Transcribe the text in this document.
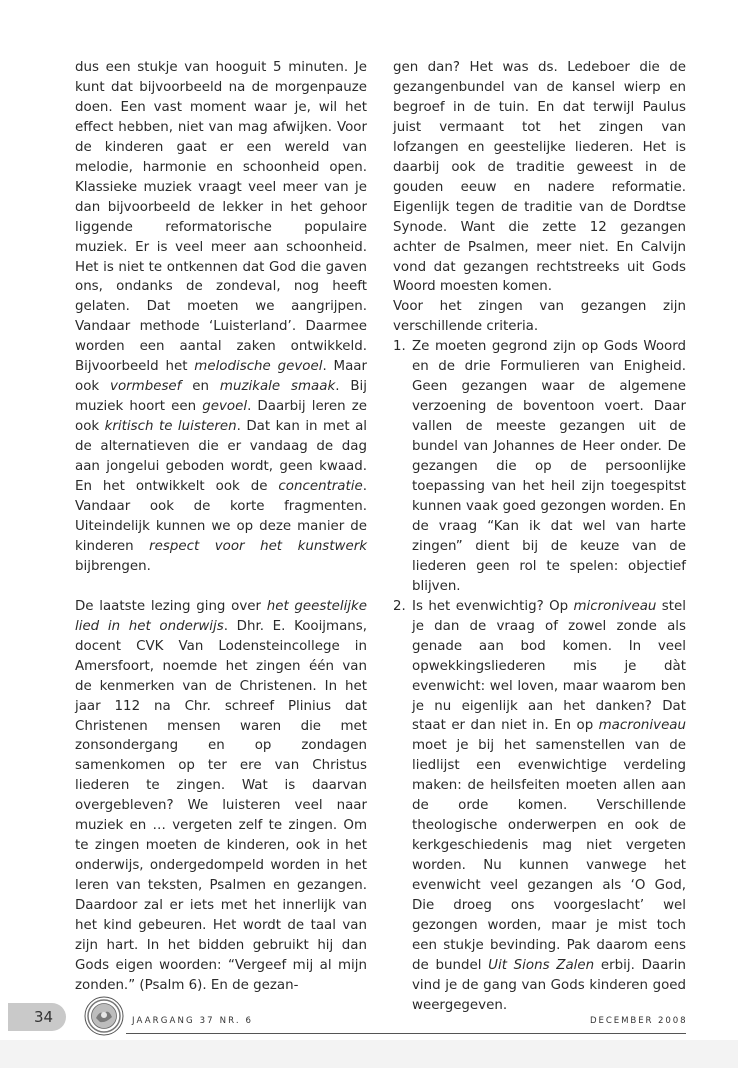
dus een stukje van hooguit 5 minuten. Je kunt dat bijvoorbeeld na de morgenpauze doen. Een vast moment waar je, wil het effect hebben, niet van mag afwijken. Voor de kinderen gaat er een wereld van melodie, harmonie en schoonheid open. Klassieke muziek vraagt veel meer van je dan bijvoorbeeld de lekker in het gehoor liggende reformatorische populaire muziek. Er is veel meer aan schoonheid. Het is niet te ontkennen dat God die gaven ons, ondanks de zondeval, nog heeft gelaten. Dat moeten we aangrijpen. Vandaar methode ‘Luisterland’. Daarmee worden een aantal zaken ontwikkeld. Bijvoorbeeld het melodische gevoel. Maar ook vormbesef en muzikale smaak. Bij muziek hoort een gevoel. Daarbij leren ze ook kritisch te luisteren. Dat kan in met al de alternatieven die er vandaag de dag aan jongelui geboden wordt, geen kwaad. En het ontwikkelt ook de concentratie. Vandaar ook de korte fragmenten. Uiteindelijk kunnen we op deze manier de kinderen respect voor het kunstwerk bijbrengen.

De laatste lezing ging over het geestelijke lied in het onderwijs. Dhr. E. Kooijmans, docent CVK Van Lodensteincollege in Amersfoort, noemde het zingen één van de kenmerken van de Christenen. In het jaar 112 na Chr. schreef Plinius dat Christenen mensen waren die met zonsondergang en op zondagen samenkomen op ter ere van Christus liederen te zingen. Wat is daarvan overgebleven? We luisteren veel naar muziek en … vergeten zelf te zingen. Om te zingen moeten de kinderen, ook in het onderwijs, ondergedompeld worden in het leren van teksten, Psalmen en gezangen. Daardoor zal er iets met het innerlijk van het kind gebeuren. Het wordt de taal van zijn hart. In het bidden gebruikt hij dan Gods eigen woorden: “Vergeef mij al mijn zonden.” (Psalm 6). En de gezan-

gen dan? Het was ds. Ledeboer die de gezangenbundel van de kansel wierp en begroef in de tuin. En dat terwijl Paulus juist vermaant tot het zingen van lofzangen en geestelijke liederen. Het is daarbij ook de traditie geweest in de gouden eeuw en nadere reformatie. Eigenlijk tegen de traditie van de Dordtse Synode. Want die zette 12 gezangen achter de Psalmen, meer niet. En Calvijn vond dat gezangen rechtstreeks uit Gods Woord moesten komen.

Voor het zingen van gezangen zijn verschillende criteria.

1. Ze moeten gegrond zijn op Gods Woord en de drie Formulieren van Enigheid. Geen gezangen waar de algemene verzoening de boventoon voert. Daar vallen de meeste gezangen uit de bundel van Johannes de Heer onder. De gezangen die op de persoonlijke toepassing van het heil zijn toegespitst kunnen vaak goed gezongen worden. En de vraag “Kan ik dat wel van harte zingen” dient bij de keuze van de liederen geen rol te spelen: objectief blijven.
2. Is het evenwichtig? Op microniveau stel je dan de vraag of zowel zonde als genade aan bod komen. In veel opwekkingsliederen mis je dàt evenwicht: wel loven, maar waarom ben je nu eigenlijk aan het danken? Dat staat er dan niet in. En op macroniveau moet je bij het samenstellen van de liedlijst een evenwichtige verdeling maken: de heilsfeiten moeten allen aan de orde komen. Verschillende theologische onderwerpen en ook de kerkgeschiedenis mag niet vergeten worden. Nu kunnen vanwege het evenwicht veel gezangen als ‘O God, Die droeg ons voorgeslacht’ wel gezongen worden, maar je mist toch een stukje bevinding. Pak daarom eens de bundel Uit Sions Zalen erbij. Daarin vind je de gang van Gods kinderen goed weergegeven.
34	JAARGANG 37 NR. 6	DECEMBER 2008
